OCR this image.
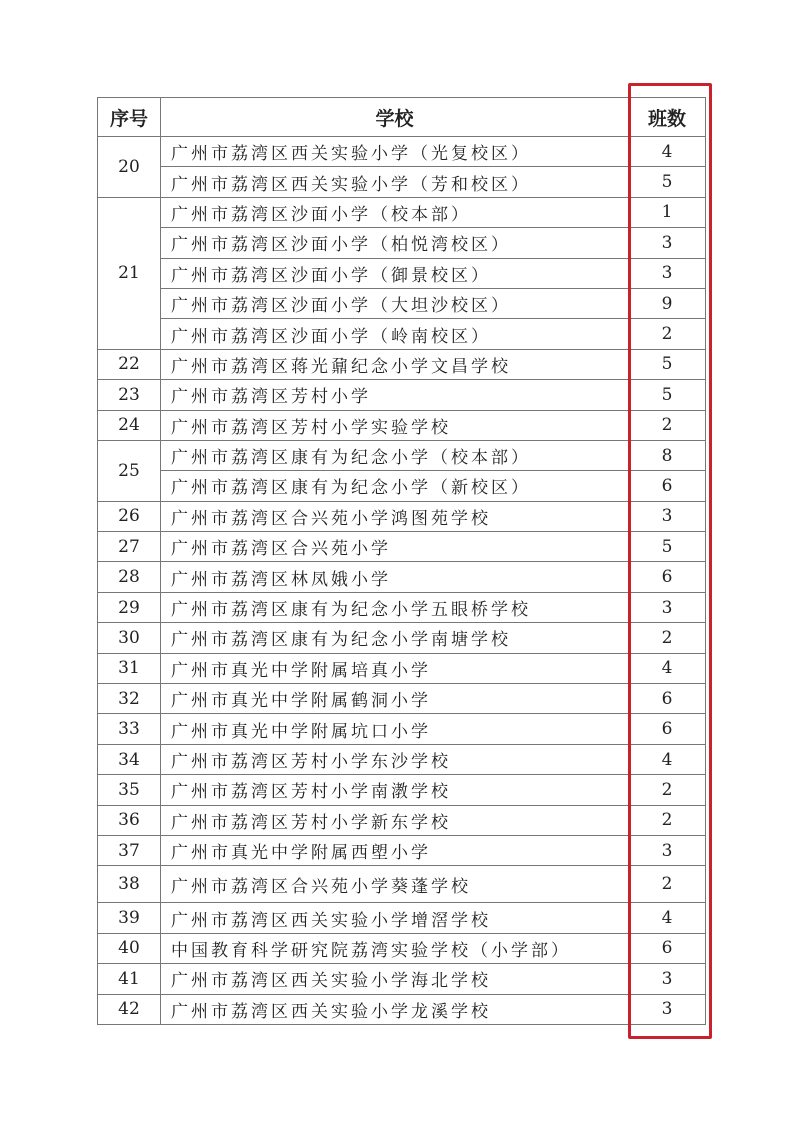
序号	学校	班数
20	广州市荔湾区西关实验小学（光复校区）	4
	广州市荔湾区西关实验小学（芳和校区）	5
21	广州市荔湾区沙面小学（校本部）	1
	广州市荔湾区沙面小学（柏悦湾校区）	3
	广州市荔湾区沙面小学（御景校区）	3
	广州市荔湾区沙面小学（大坦沙校区）	9
	广州市荔湾区沙面小学（岭南校区）	2
22	广州市荔湾区蒋光鼐纪念小学文昌学校	5
23	广州市荔湾区芳村小学	5
24	广州市荔湾区芳村小学实验学校	2
25	广州市荔湾区康有为纪念小学（校本部）	8
	广州市荔湾区康有为纪念小学（新校区）	6
26	广州市荔湾区合兴苑小学鸿图苑学校	3
27	广州市荔湾区合兴苑小学	5
28	广州市荔湾区林凤娥小学	6
29	广州市荔湾区康有为纪念小学五眼桥学校	3
30	广州市荔湾区康有为纪念小学南塘学校	2
31	广州市真光中学附属培真小学	4
32	广州市真光中学附属鹤洞小学	6
33	广州市真光中学附属坑口小学	6
34	广州市荔湾区芳村小学东沙学校	4
35	广州市荔湾区芳村小学南漖学校	2
36	广州市荔湾区芳村小学新东学校	2
37	广州市真光中学附属西塱小学	3
38	广州市荔湾区合兴苑小学葵蓬学校	2
39	广州市荔湾区西关实验小学增滘学校	4
40	中国教育科学研究院荔湾实验学校（小学部）	6
41	广州市荔湾区西关实验小学海北学校	3
42	广州市荔湾区西关实验小学龙溪学校	3
